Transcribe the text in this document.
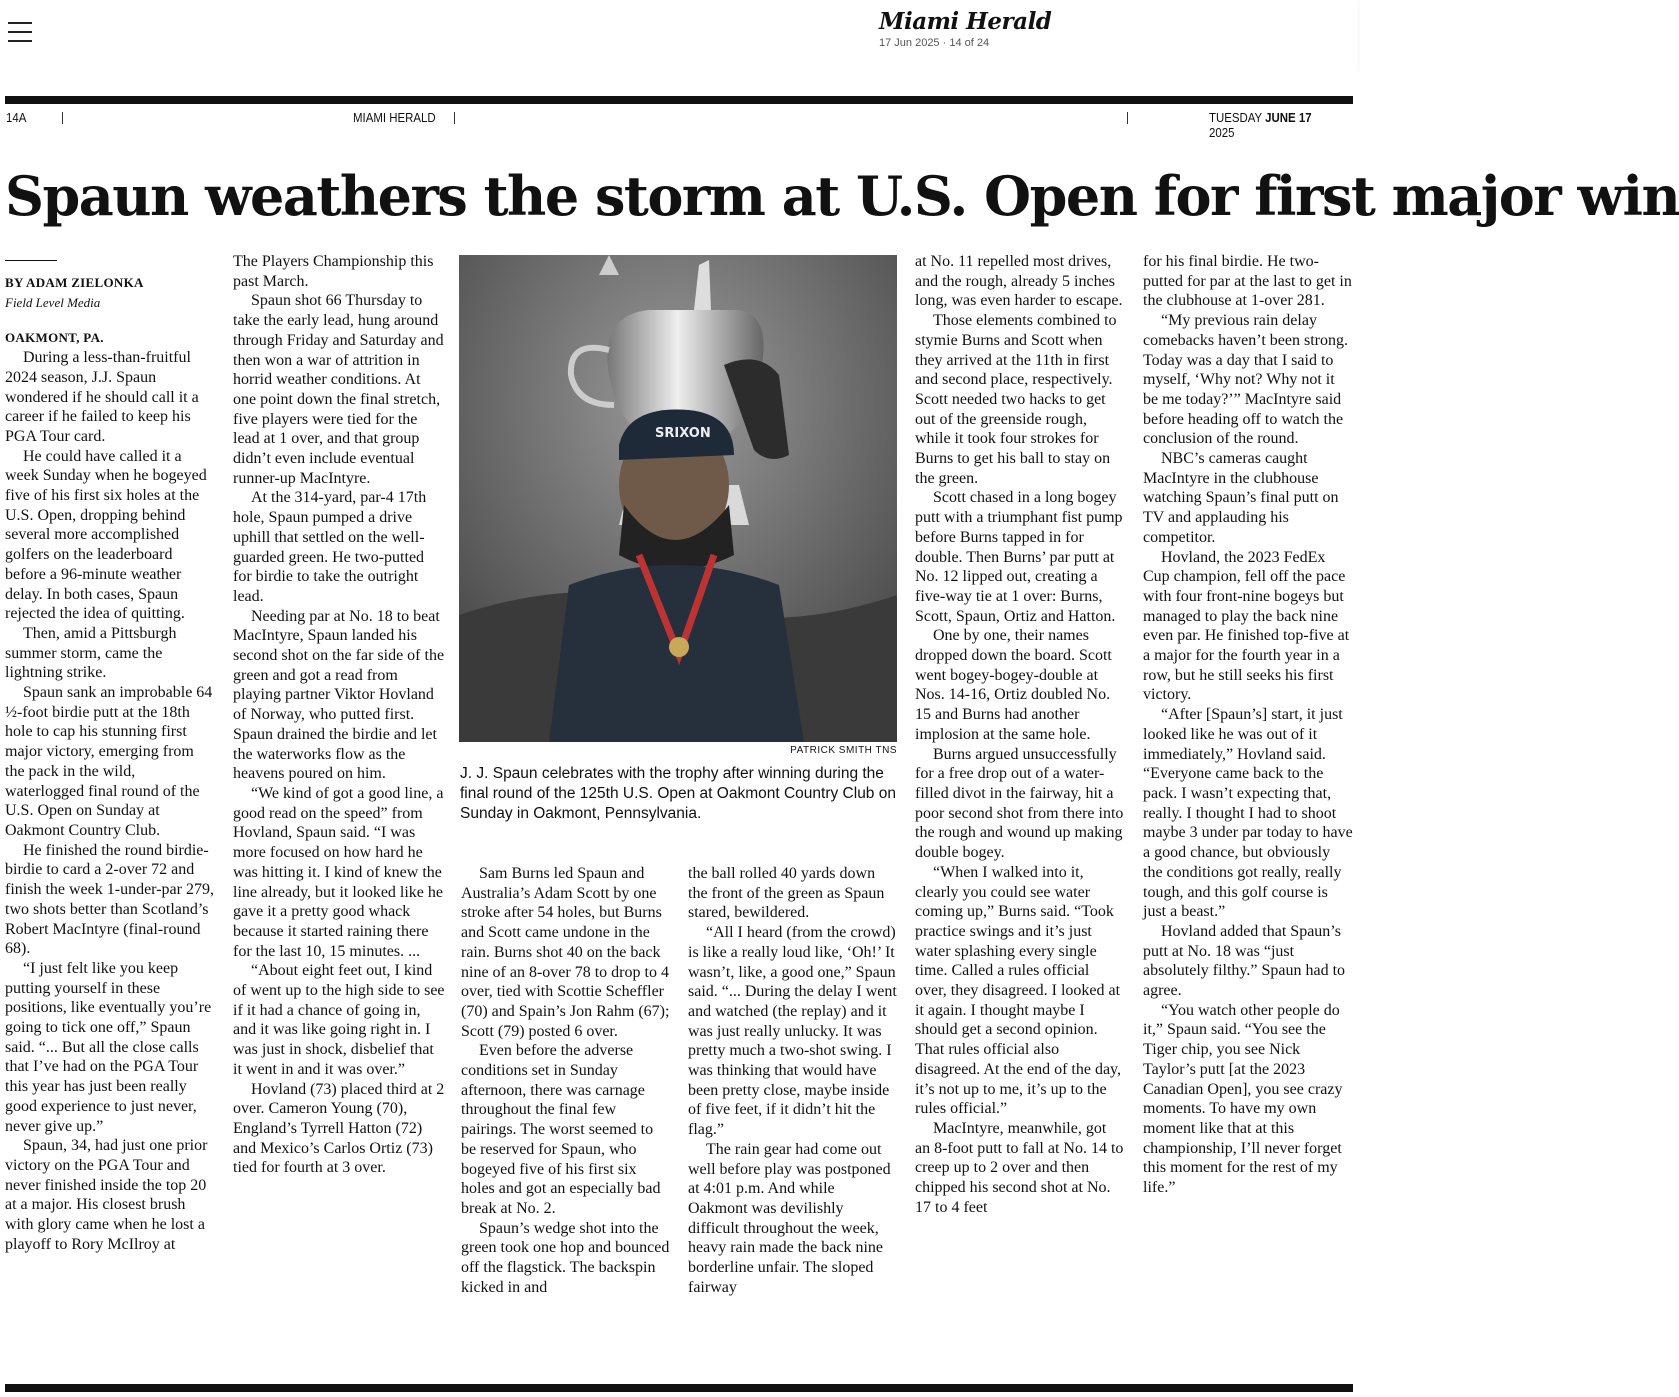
Miami Herald
17 Jun 2025 · 14 of 24
14A	MIAMI HERALD	TUESDAY JUNE 17 2025
Spaun weathers the storm at U.S. Open for first major win
BY ADAM ZIELONKA
Field Level Media
OAKMONT, PA.

During a less-than-fruitful 2024 season, J.J. Spaun wondered if he should call it a career if he failed to keep his PGA Tour card.

He could have called it a week Sunday when he bogeyed five of his first six holes at the U.S. Open, dropping behind several more accomplished golfers on the leaderboard before a 96-minute weather delay. In both cases, Spaun rejected the idea of quitting.

Then, amid a Pittsburgh summer storm, came the lightning strike.

Spaun sank an improbable 64 ½-foot birdie putt at the 18th hole to cap his stunning first major victory, emerging from the pack in the wild, waterlogged final round of the U.S. Open on Sunday at Oakmont Country Club.

He finished the round birdie-birdie to card a 2-over 72 and finish the week 1-under-par 279, two shots better than Scotland’s Robert MacIntyre (final-round 68).

“I just felt like you keep putting yourself in these positions, like eventually you’re going to tick one off,” Spaun said. “... But all the close calls that I’ve had on the PGA Tour this year has just been really good experience to just never, never give up.”

Spaun, 34, had just one prior victory on the PGA Tour and never finished inside the top 20 at a major. His closest brush with glory came when he lost a playoff to Rory McIlroy at

The Players Championship this past March.

Spaun shot 66 Thursday to take the early lead, hung around through Friday and Saturday and then won a war of attrition in horrid weather conditions. At one point down the final stretch, five players were tied for the lead at 1 over, and that group didn’t even include eventual runner-up MacIntyre.

At the 314-yard, par-4 17th hole, Spaun pumped a drive uphill that settled on the well-guarded green. He two-putted for birdie to take the outright lead.

Needing par at No. 18 to beat MacIntyre, Spaun landed his second shot on the far side of the green and got a read from playing partner Viktor Hovland of Norway, who putted first. Spaun drained the birdie and let the waterworks flow as the heavens poured on him.

“We kind of got a good line, a good read on the speed” from Hovland, Spaun said. “I was more focused on how hard he was hitting it. I kind of knew the line already, but it looked like he gave it a pretty good whack because it started raining there for the last 10, 15 minutes. ...

“About eight feet out, I kind of went up to the high side to see if it had a chance of going in, and it was like going right in. I was just in shock, disbelief that it went in and it was over.”

Hovland (73) placed third at 2 over. Cameron Young (70), England’s Tyrrell Hatton (72) and Mexico’s Carlos Ortiz (73) tied for fourth at 3 over.

SRIXON
PATRICK SMITH TNS
J. J. Spaun celebrates with the trophy after winning during the final round of the 125th U.S. Open at Oakmont Country Club on Sunday in Oakmont, Pennsylvania.

Sam Burns led Spaun and Australia’s Adam Scott by one stroke after 54 holes, but Burns and Scott came undone in the rain. Burns shot 40 on the back nine of an 8-over 78 to drop to 4 over, tied with Scottie Scheffler (70) and Spain’s Jon Rahm (67); Scott (79) posted 6 over.

Even before the adverse conditions set in Sunday afternoon, there was carnage throughout the final few pairings. The worst seemed to be reserved for Spaun, who bogeyed five of his first six holes and got an especially bad break at No. 2.

Spaun’s wedge shot into the green took one hop and bounced off the flagstick. The backspin kicked in and

the ball rolled 40 yards down the front of the green as Spaun stared, bewildered.

“All I heard (from the crowd) is like a really loud like, ‘Oh!’ It wasn’t, like, a good one,” Spaun said. “... During the delay I went and watched (the replay) and it was just really unlucky. It was pretty much a two-shot swing. I was thinking that would have been pretty close, maybe inside of five feet, if it didn’t hit the flag.”

The rain gear had come out well before play was postponed at 4:01 p.m. And while Oakmont was devilishly difficult throughout the week, heavy rain made the back nine borderline unfair. The sloped fairway

at No. 11 repelled most drives, and the rough, already 5 inches long, was even harder to escape.

Those elements combined to stymie Burns and Scott when they arrived at the 11th in first and second place, respectively. Scott needed two hacks to get out of the greenside rough, while it took four strokes for Burns to get his ball to stay on the green.

Scott chased in a long bogey putt with a triumphant fist pump before Burns tapped in for double. Then Burns’ par putt at No. 12 lipped out, creating a five-way tie at 1 over: Burns, Scott, Spaun, Ortiz and Hatton.

One by one, their names dropped down the board. Scott went bogey-bogey-double at Nos. 14-16, Ortiz doubled No. 15 and Burns had another implosion at the same hole.

Burns argued unsuccessfully for a free drop out of a water-filled divot in the fairway, hit a poor second shot from there into the rough and wound up making double bogey.

“When I walked into it, clearly you could see water coming up,” Burns said. “Took practice swings and it’s just water splashing every single time. Called a rules official over, they disagreed. I looked at it again. I thought maybe I should get a second opinion. That rules official also disagreed. At the end of the day, it’s not up to me, it’s up to the rules official.”

MacIntyre, meanwhile, got an 8-foot putt to fall at No. 14 to creep up to 2 over and then chipped his second shot at No. 17 to 4 feet

for his final birdie. He two-putted for par at the last to get in the clubhouse at 1-over 281.

“My previous rain delay comebacks haven’t been strong. Today was a day that I said to myself, ‘Why not? Why not it be me today?’” MacIntyre said before heading off to watch the conclusion of the round.

NBC’s cameras caught MacIntyre in the clubhouse watching Spaun’s final putt on TV and applauding his competitor.

Hovland, the 2023 FedEx Cup champion, fell off the pace with four front-nine bogeys but managed to play the back nine even par. He finished top-five at a major for the fourth year in a row, but he still seeks his first victory.

“After [Spaun’s] start, it just looked like he was out of it immediately,” Hovland said. “Everyone came back to the pack. I wasn’t expecting that, really. I thought I had to shoot maybe 3 under par today to have a good chance, but obviously the conditions got really, really tough, and this golf course is just a beast.”

Hovland added that Spaun’s putt at No. 18 was “just absolutely filthy.” Spaun had to agree.

“You watch other people do it,” Spaun said. “You see the Tiger chip, you see Nick Taylor’s putt [at the 2023 Canadian Open], you see crazy moments. To have my own moment like that at this championship, I’ll never forget this moment for the rest of my life.”
